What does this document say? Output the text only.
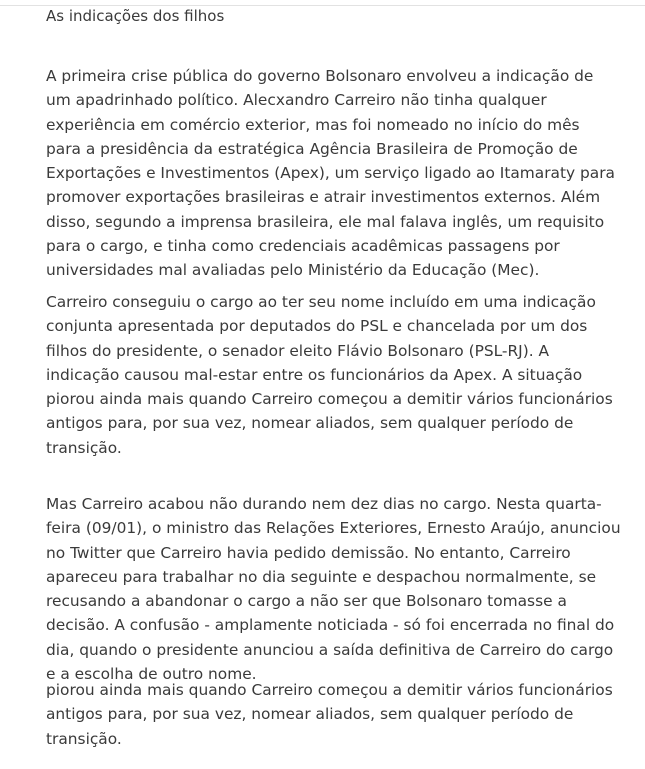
As indicações dos filhos

A primeira crise pública do governo Bolsonaro envolveu a indicação de
um apadrinhado político. Alecxandro Carreiro não tinha qualquer
experiência em comércio exterior, mas foi nomeado no início do mês
para a presidência da estratégica Agência Brasileira de Promoção de
Exportações e Investimentos (Apex), um serviço ligado ao Itamaraty para
promover exportações brasileiras e atrair investimentos externos. Além
disso, segundo a imprensa brasileira, ele mal falava inglês, um requisito
para o cargo, e tinha como credenciais acadêmicas passagens por
universidades mal avaliadas pelo Ministério da Educação (Mec).

Carreiro conseguiu o cargo ao ter seu nome incluído em uma indicação
conjunta apresentada por deputados do PSL e chancelada por um dos
filhos do presidente, o senador eleito Flávio Bolsonaro (PSL-RJ). A
indicação causou mal-estar entre os funcionários da Apex. A situação
piorou ainda mais quando Carreiro começou a demitir vários funcionários
antigos para, por sua vez, nomear aliados, sem qualquer período de
transição.

Mas Carreiro acabou não durando nem dez dias no cargo. Nesta quarta-
feira (09/01), o ministro das Relações Exteriores, Ernesto Araújo, anunciou
no Twitter que Carreiro havia pedido demissão. No entanto, Carreiro
apareceu para trabalhar no dia seguinte e despachou normalmente, se
recusando a abandonar o cargo a não ser que Bolsonaro tomasse a
decisão. A confusão - amplamente noticiada - só foi encerrada no final do
dia, quando o presidente anunciou a saída definitiva de Carreiro do cargo
e a escolha de outro nome.

piorou ainda mais quando Carreiro começou a demitir vários funcionários
antigos para, por sua vez, nomear aliados, sem qualquer período de
transição.
